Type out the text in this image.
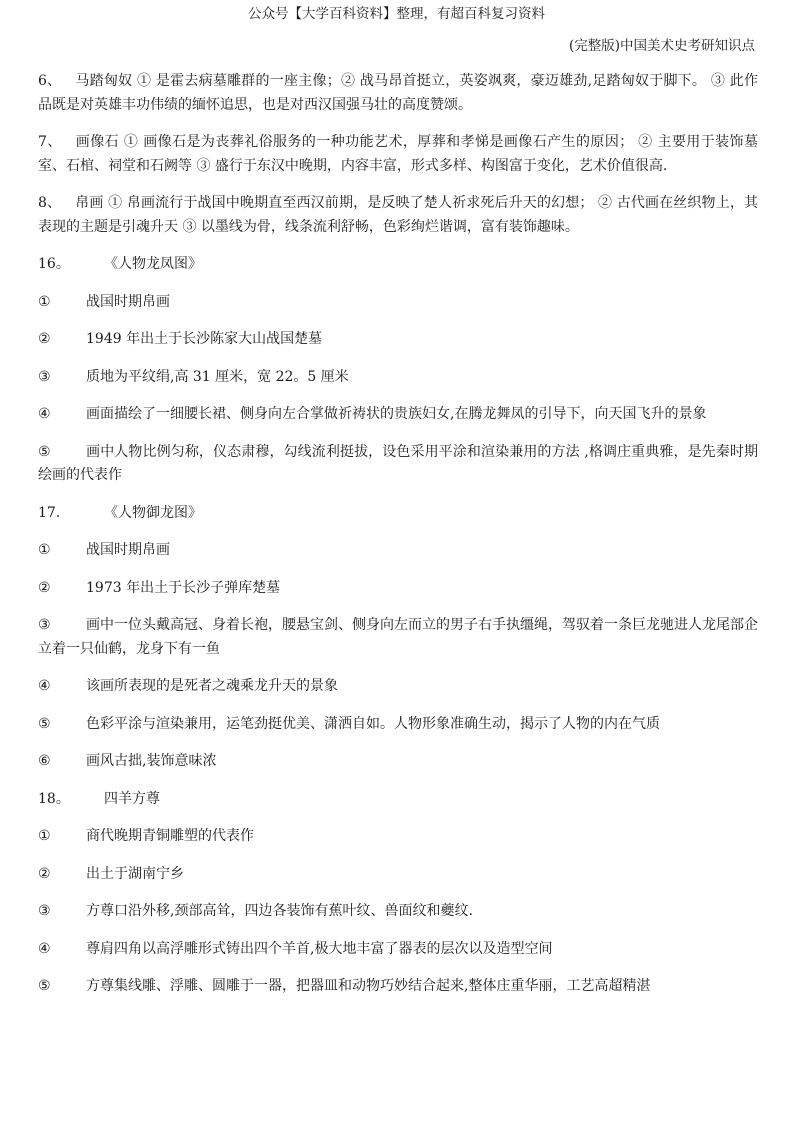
公众号【大学百科资料】整理，有超百科复习资料
(完整版)中国美术史考研知识点

6、 马踏匈奴 ① 是霍去病墓雕群的一座主像；② 战马昂首挺立，英姿飒爽，豪迈雄劲,足踏匈奴于脚下。 ③ 此作品既是对英雄丰功伟绩的缅怀追思，也是对西汉国强马壮的高度赞颂。

7、 画像石 ① 画像石是为丧葬礼俗服务的一种功能艺术，厚葬和孝悌是画像石产生的原因； ② 主要用于装饰墓室、石棺、祠堂和石阙等 ③ 盛行于东汉中晚期，内容丰富，形式多样、构图富于变化，艺术价值很高.

8、 帛画 ① 帛画流行于战国中晚期直至西汉前期，是反映了楚人祈求死后升天的幻想； ② 古代画在丝织物上，其表现的主题是引魂升天 ③ 以墨线为骨，线条流利舒畅，色彩绚烂谐调，富有装饰趣味。

16。 《人物龙凤图》
①	战国时期帛画
②	1949 年出土于长沙陈家大山战国楚墓
③	质地为平纹绢,高 31 厘米，宽 22。5 厘米
④	画面描绘了一细腰长裙、侧身向左合掌做祈祷状的贵族妇女,在腾龙舞凤的引导下，向天国飞升的景象
⑤	画中人物比例匀称，仪态肃穆，勾线流利挺拔，设色采用平涂和渲染兼用的方法 ,格调庄重典雅，是先秦时期绘画的代表作
17.	《人物御龙图》
①	战国时期帛画
②	1973 年出土于长沙子弹库楚墓
③	画中一位头戴高冠、身着长袍，腰悬宝剑、侧身向左而立的男子右手执缰绳，驾驭着一条巨龙驰进人龙尾部企立着一只仙鹤，龙身下有一鱼
④	该画所表现的是死者之魂乘龙升天的景象
⑤	色彩平涂与渲染兼用，运笔劲挺优美、潇洒自如。人物形象准确生动，揭示了人物的内在气质
⑥	画风古拙,装饰意味浓
18。 四羊方尊
①	商代晚期青铜雕塑的代表作
②	出土于湖南宁乡
③	方尊口沿外移,颈部高耸，四边各装饰有蕉叶纹、兽面纹和夔纹.
④	尊肩四角以高浮雕形式铸出四个羊首,极大地丰富了器表的层次以及造型空间
⑤	方尊集线雕、浮雕、圆雕于一器，把器皿和动物巧妙结合起来,整体庄重华丽，工艺高超精湛
